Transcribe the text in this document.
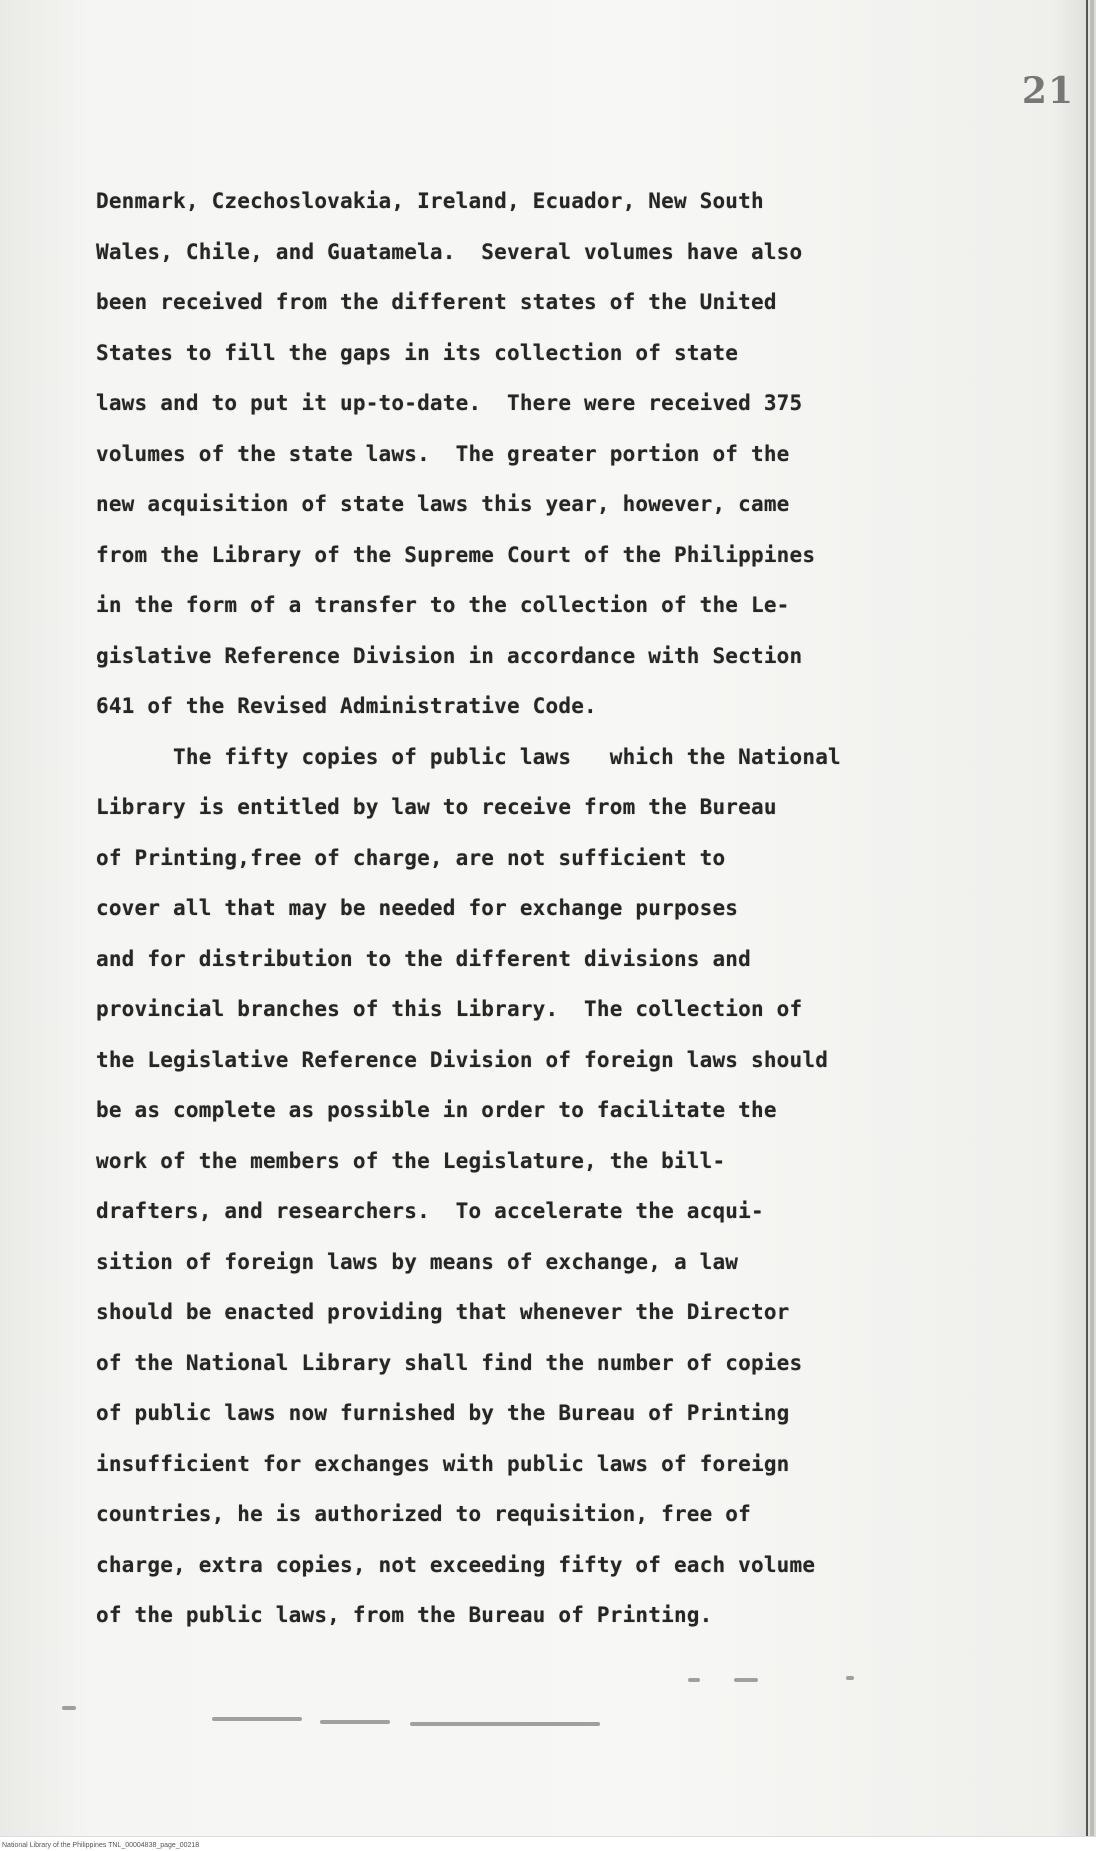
21
Denmark, Czechoslovakia, Ireland, Ecuador, New South
Wales, Chile, and Guatamela.  Several volumes have also
been received from the different states of the United
States to fill the gaps in its collection of state
laws and to put it up-to-date.  There were received 375
volumes of the state laws.  The greater portion of the
new acquisition of state laws this year, however, came
from the Library of the Supreme Court of the Philippines
in the form of a transfer to the collection of the Le-
gislative Reference Division in accordance with Section
641 of the Revised Administrative Code.
The fifty copies of public laws   which the National
Library is entitled by law to receive from the Bureau
of Printing,free of charge, are not sufficient to
cover all that may be needed for exchange purposes
and for distribution to the different divisions and
provincial branches of this Library.  The collection of
the Legislative Reference Division of foreign laws should
be as complete as possible in order to facilitate the
work of the members of the Legislature, the bill-
drafters, and researchers.  To accelerate the acqui-
sition of foreign laws by means of exchange, a law
should be enacted providing that whenever the Director
of the National Library shall find the number of copies
of public laws now furnished by the Bureau of Printing
insufficient for exchanges with public laws of foreign
countries, he is authorized to requisition, free of
charge, extra copies, not exceeding fifty of each volume
of the public laws, from the Bureau of Printing.
National Library of the Philippines TNL_00004838_page_00218
